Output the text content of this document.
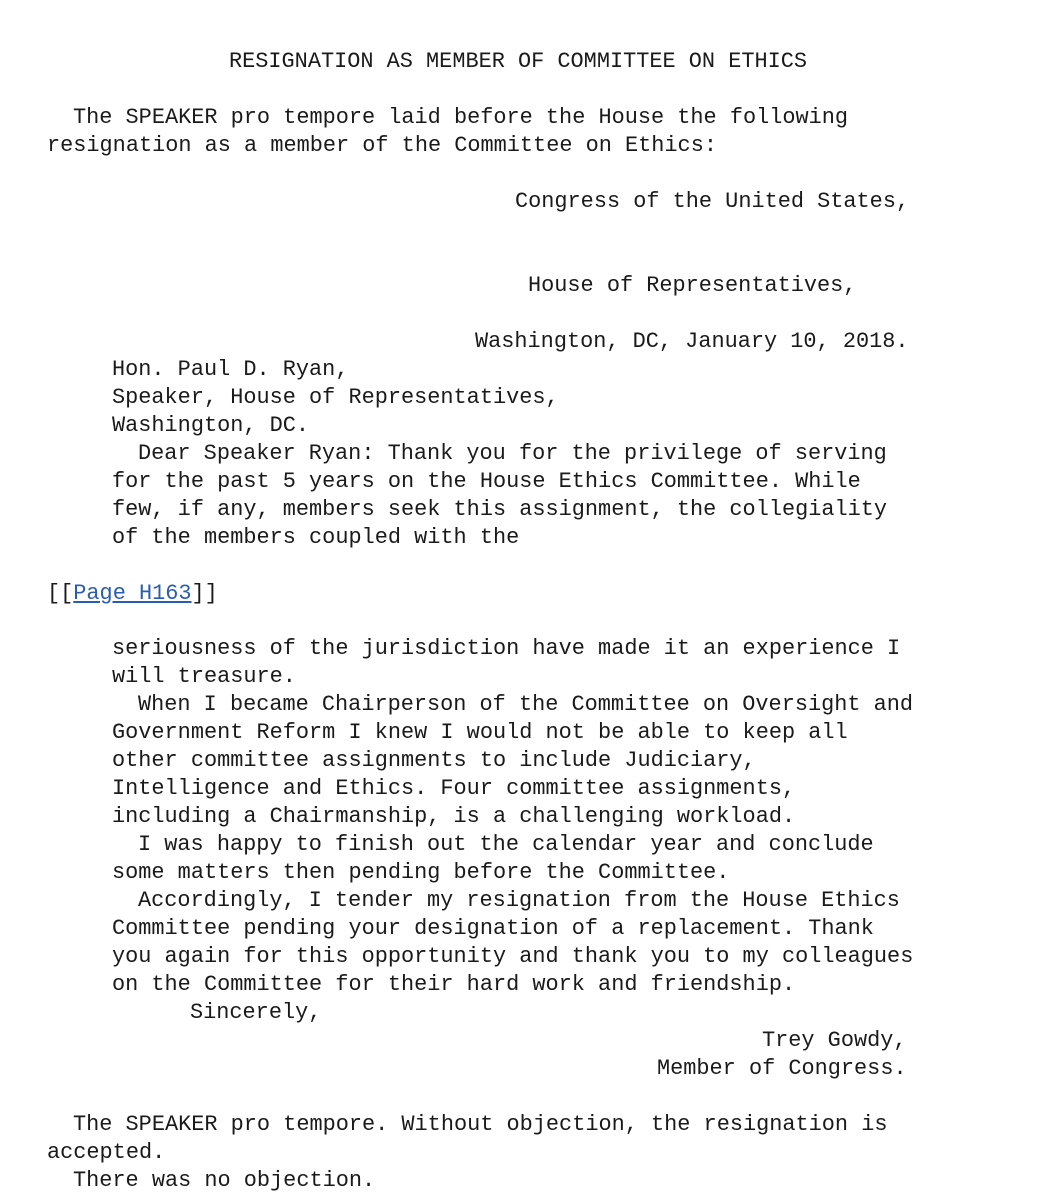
RESIGNATION AS MEMBER OF COMMITTEE ON ETHICS
The SPEAKER pro tempore laid before the House the following
resignation as a member of the Committee on Ethics:
Congress of the United States,
House of Representatives,
Washington, DC, January 10, 2018.
Hon. Paul D. Ryan,
Speaker, House of Representatives,
Washington, DC.
Dear Speaker Ryan: Thank you for the privilege of serving
for the past 5 years on the House Ethics Committee. While
few, if any, members seek this assignment, the collegiality
of the members coupled with the
[[Page H163]]
seriousness of the jurisdiction have made it an experience I
will treasure.
When I became Chairperson of the Committee on Oversight and
Government Reform I knew I would not be able to keep all
other committee assignments to include Judiciary,
Intelligence and Ethics. Four committee assignments,
including a Chairmanship, is a challenging workload.
I was happy to finish out the calendar year and conclude
some matters then pending before the Committee.
Accordingly, I tender my resignation from the House Ethics
Committee pending your designation of a replacement. Thank
you again for this opportunity and thank you to my colleagues
on the Committee for their hard work and friendship.
Sincerely,
Trey Gowdy,
Member of Congress.
The SPEAKER pro tempore. Without objection, the resignation is
accepted.
There was no objection.
